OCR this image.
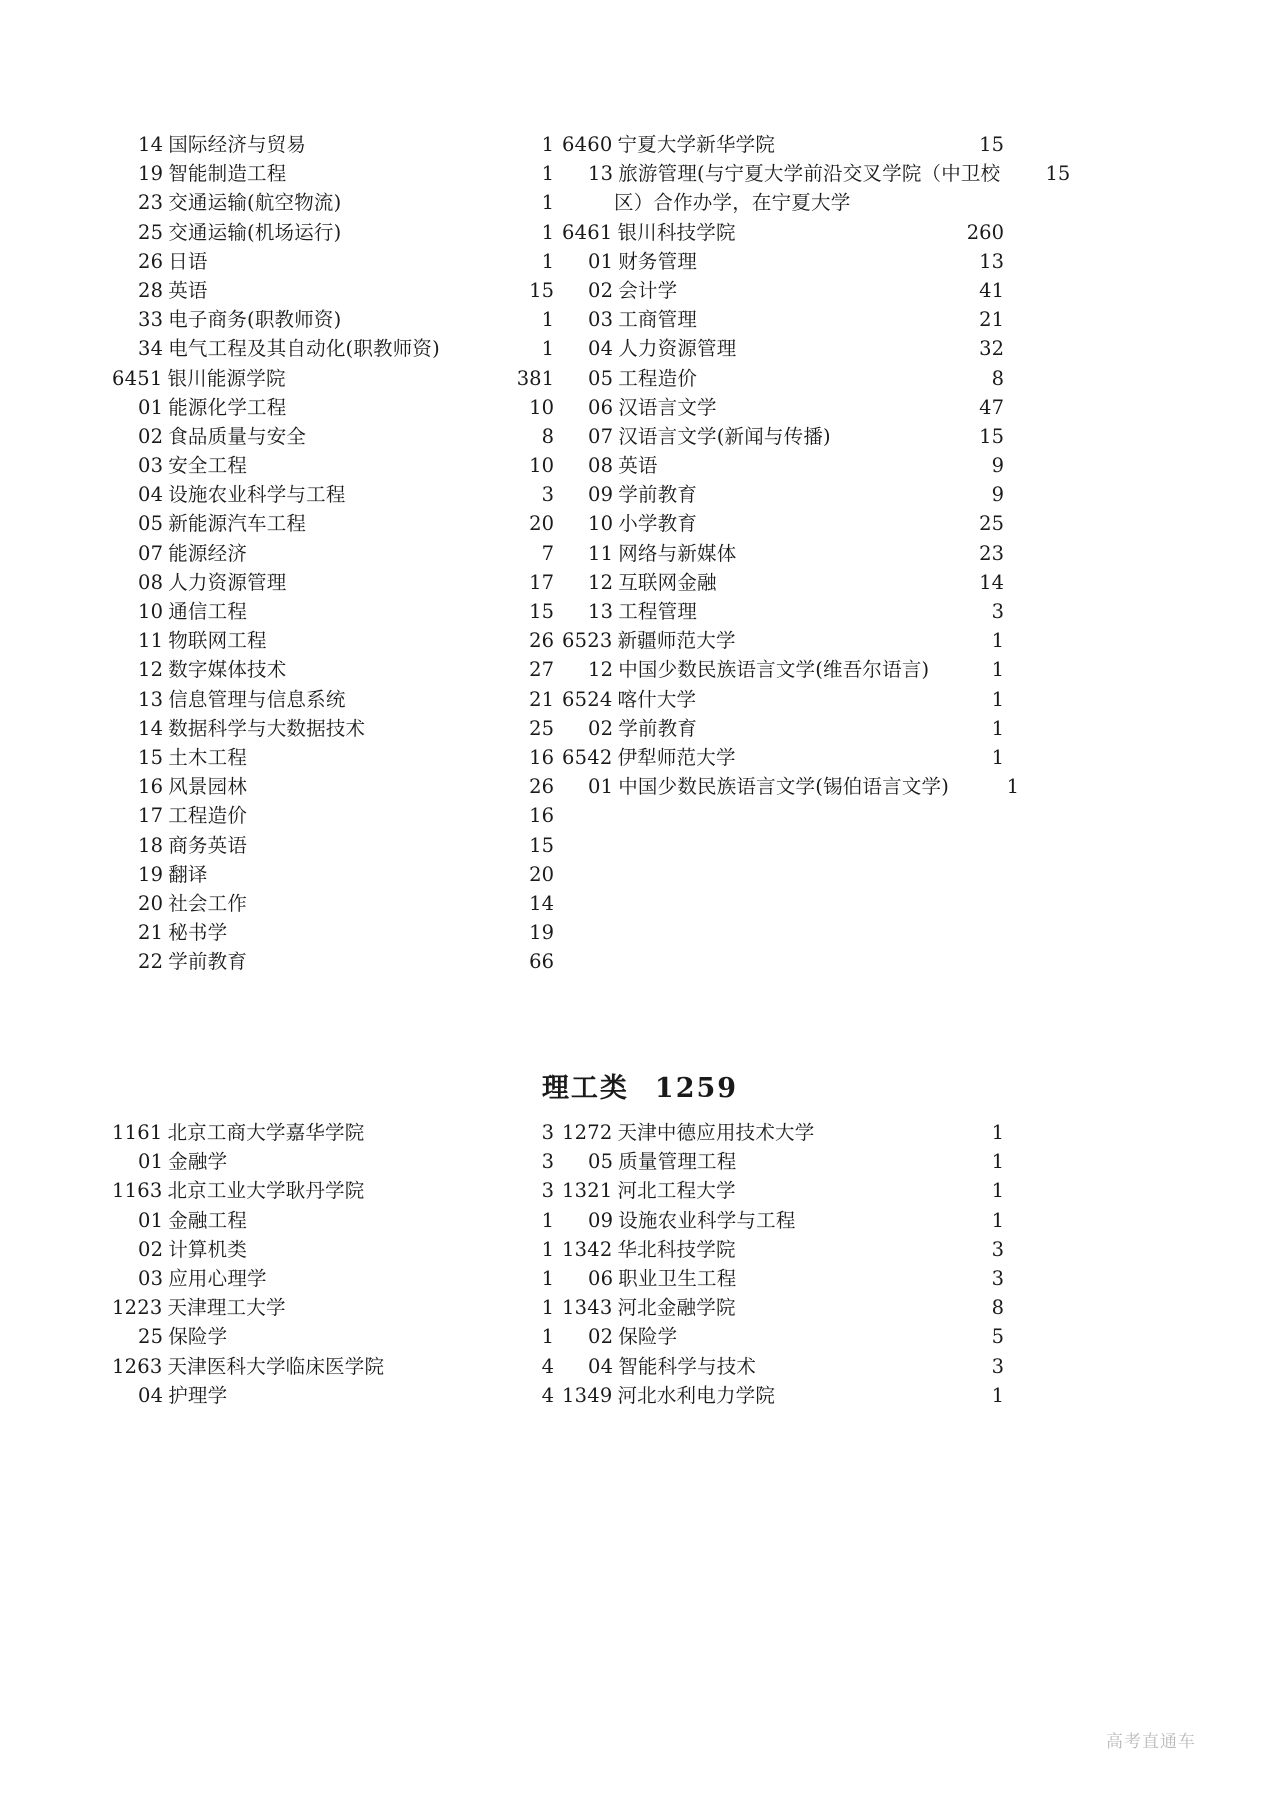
14 国际经济与贸易	1
19 智能制造工程	1
23 交通运输(航空物流)	1
25 交通运输(机场运行)	1
26 日语	1
28 英语	15
33 电子商务(职教师资)	1
34 电气工程及其自动化(职教师资)	1
6451 银川能源学院	381
01 能源化学工程	10
02 食品质量与安全	8
03 安全工程	10
04 设施农业科学与工程	3
05 新能源汽车工程	20
07 能源经济	7
08 人力资源管理	17
10 通信工程	15
11 物联网工程	26
12 数字媒体技术	27
13 信息管理与信息系统	21
14 数据科学与大数据技术	25
15 土木工程	16
16 风景园林	26
17 工程造价	16
18 商务英语	15
19 翻译	20
20 社会工作	14
21 秘书学	19
22 学前教育	66
6460 宁夏大学新华学院	15
13 旅游管理(与宁夏大学前沿交叉学院（中卫校	15
区）合作办学，在宁夏大学
6461 银川科技学院	260
01 财务管理	13
02 会计学	41
03 工商管理	21
04 人力资源管理	32
05 工程造价	8
06 汉语言文学	47
07 汉语言文学(新闻与传播)	15
08 英语	9
09 学前教育	9
10 小学教育	25
11 网络与新媒体	23
12 互联网金融	14
13 工程管理	3
6523 新疆师范大学	1
12 中国少数民族语言文学(维吾尔语言)	1
6524 喀什大学	1
02 学前教育	1
6542 伊犁师范大学	1
01 中国少数民族语言文学(锡伯语言文学)	1
理工类 1259
1161 北京工商大学嘉华学院	3
01 金融学	3
1163 北京工业大学耿丹学院	3
01 金融工程	1
02 计算机类	1
03 应用心理学	1
1223 天津理工大学	1
25 保险学	1
1263 天津医科大学临床医学院	4
04 护理学	4
1272 天津中德应用技术大学	1
05 质量管理工程	1
1321 河北工程大学	1
09 设施农业科学与工程	1
1342 华北科技学院	3
06 职业卫生工程	3
1343 河北金融学院	8
02 保险学	5
04 智能科学与技术	3
1349 河北水利电力学院	1
高考直通车
